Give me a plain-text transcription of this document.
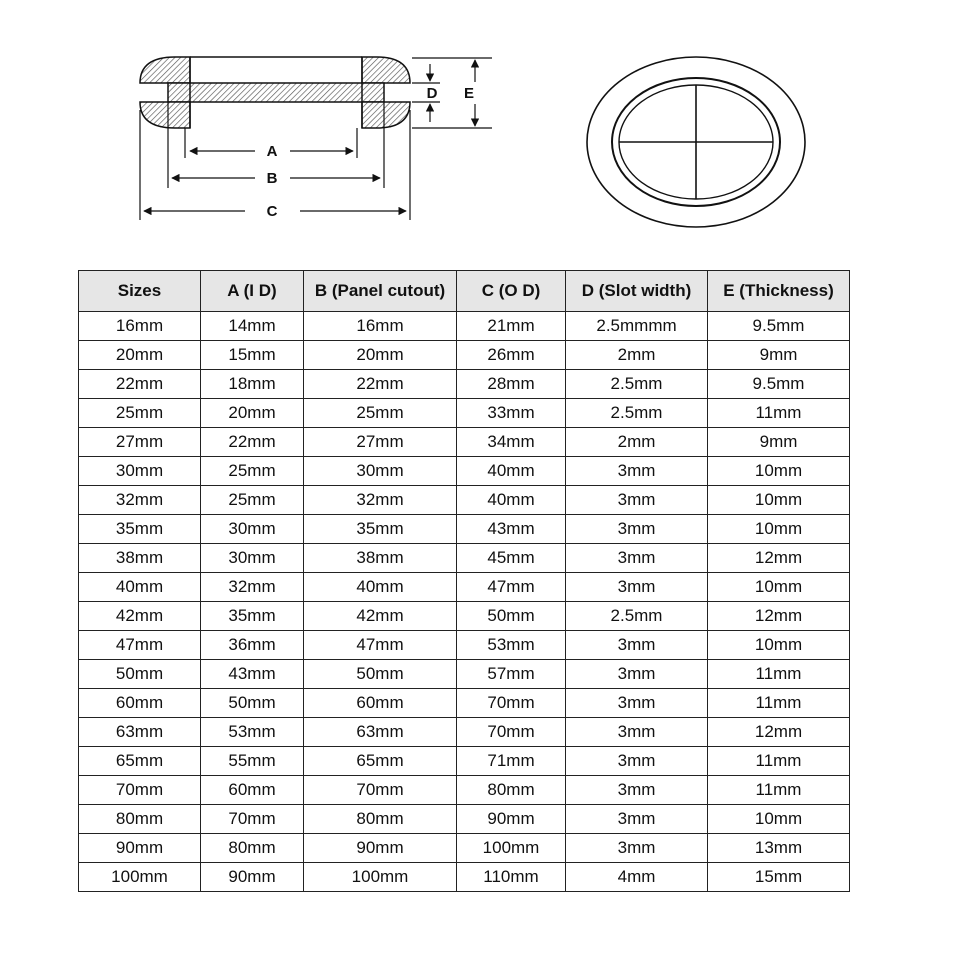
A
B
C
D E
Sizes	A (I D)	B (Panel cutout)	C (O D)	D (Slot width)	E (Thickness)
16mm	14mm	16mm	21mm	2.5mmmm	9.5mm
20mm	15mm	20mm	26mm	2mm	9mm
22mm	18mm	22mm	28mm	2.5mm	9.5mm
25mm	20mm	25mm	33mm	2.5mm	11mm
27mm	22mm	27mm	34mm	2mm	9mm
30mm	25mm	30mm	40mm	3mm	10mm
32mm	25mm	32mm	40mm	3mm	10mm
35mm	30mm	35mm	43mm	3mm	10mm
38mm	30mm	38mm	45mm	3mm	12mm
40mm	32mm	40mm	47mm	3mm	10mm
42mm	35mm	42mm	50mm	2.5mm	12mm
47mm	36mm	47mm	53mm	3mm	10mm
50mm	43mm	50mm	57mm	3mm	11mm
60mm	50mm	60mm	70mm	3mm	11mm
63mm	53mm	63mm	70mm	3mm	12mm
65mm	55mm	65mm	71mm	3mm	11mm
70mm	60mm	70mm	80mm	3mm	11mm
80mm	70mm	80mm	90mm	3mm	10mm
90mm	80mm	90mm	100mm	3mm	13mm
100mm	90mm	100mm	110mm	4mm	15mm
